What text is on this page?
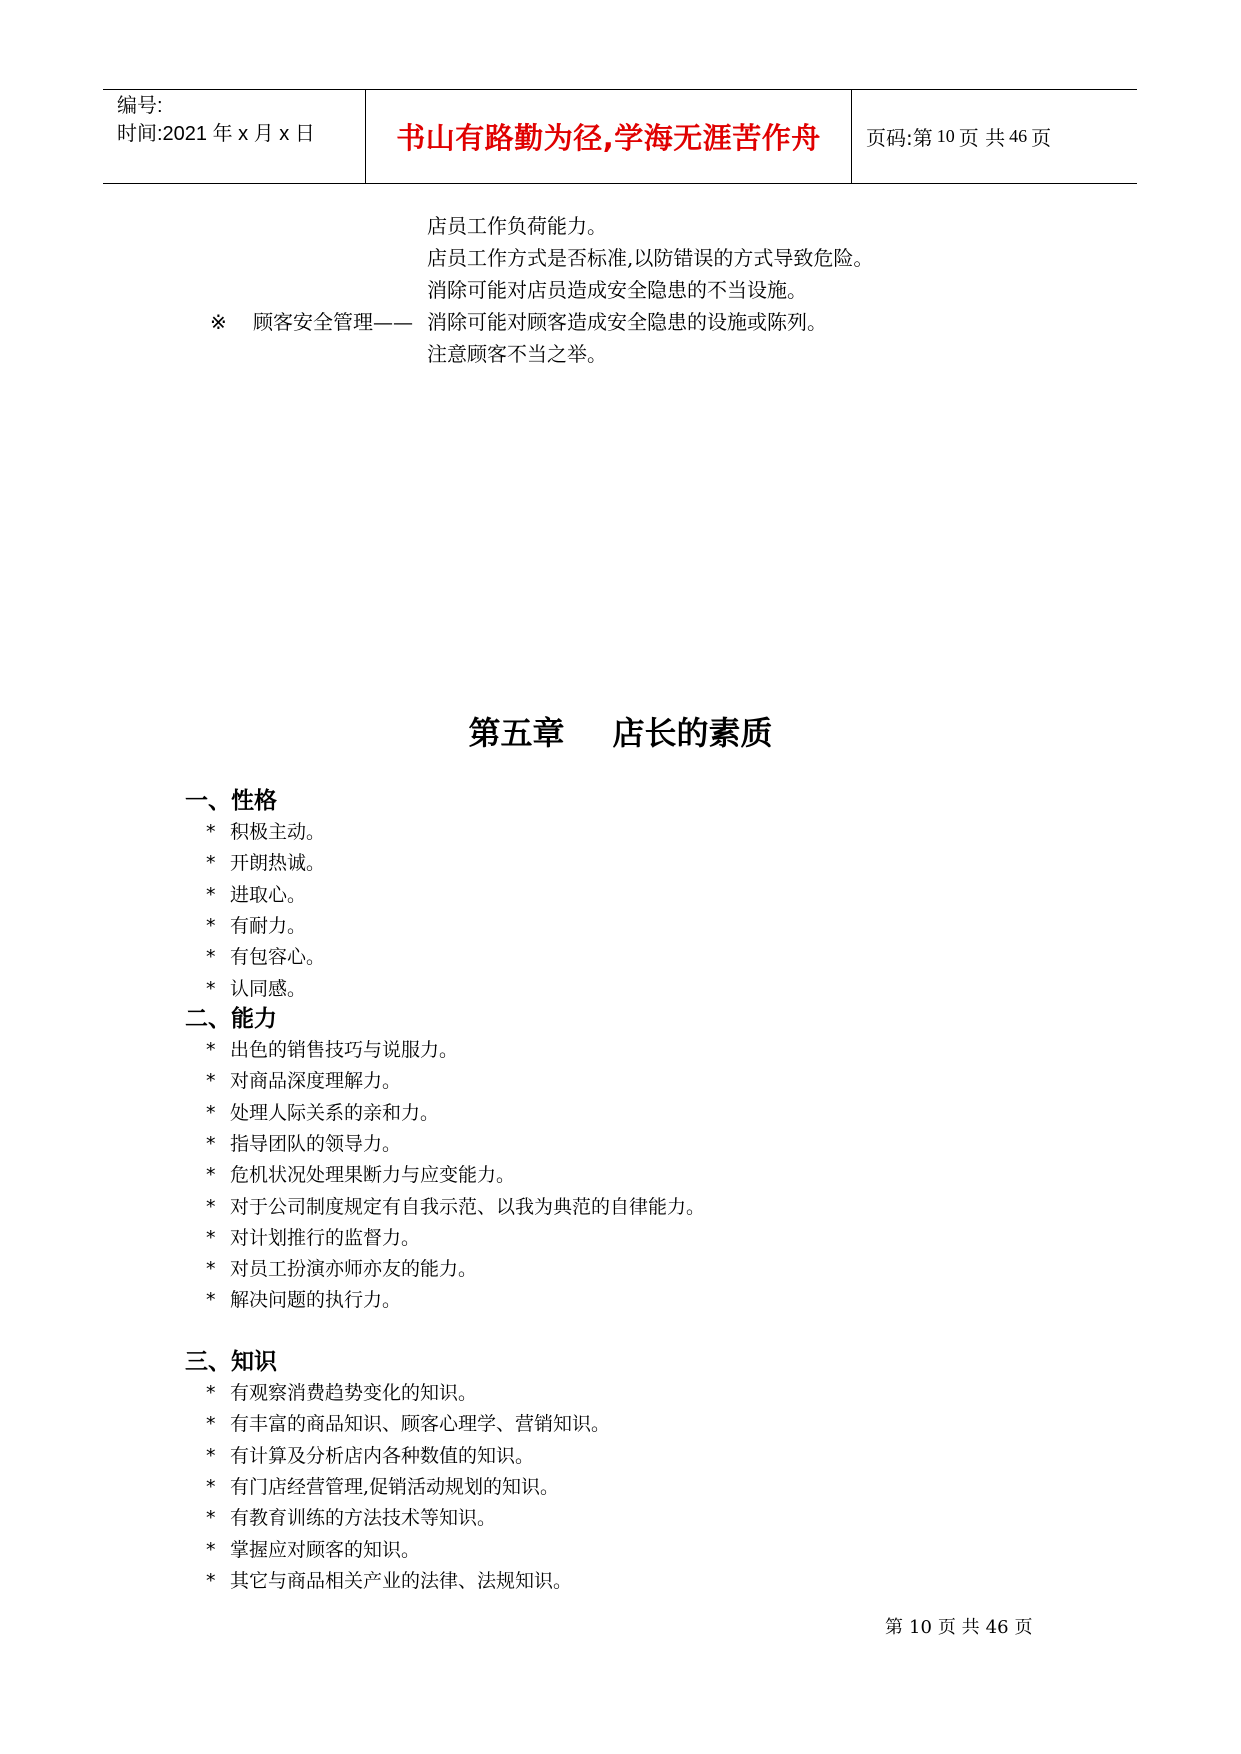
编号:
时间:2021 年 x 月 x 日	书山有路勤为径,学海无涯苦作舟	页码:第 10 页 共 46 页
店员工作负荷能力。
店员工作方式是否标准,以防错误的方式导致危险。
消除可能对店员造成安全隐患的不当设施。
※ 顾客安全管理—— 消除可能对顾客造成安全隐患的设施或陈列。
注意顾客不当之举。
第五章 店长的素质
一、性格
* 积极主动。
* 开朗热诚。
* 进取心。
* 有耐力。
* 有包容心。
* 认同感。
二、能力
* 出色的销售技巧与说服力。
* 对商品深度理解力。
* 处理人际关系的亲和力。
* 指导团队的领导力。
* 危机状况处理果断力与应变能力。
* 对于公司制度规定有自我示范、以我为典范的自律能力。
* 对计划推行的监督力。
* 对员工扮演亦师亦友的能力。
* 解决问题的执行力。
三、知识
* 有观察消费趋势变化的知识。
* 有丰富的商品知识、顾客心理学、营销知识。
* 有计算及分析店内各种数值的知识。
* 有门店经营管理,促销活动规划的知识。
* 有教育训练的方法技术等知识。
* 掌握应对顾客的知识。
* 其它与商品相关产业的法律、法规知识。
第 10 页 共 46 页
